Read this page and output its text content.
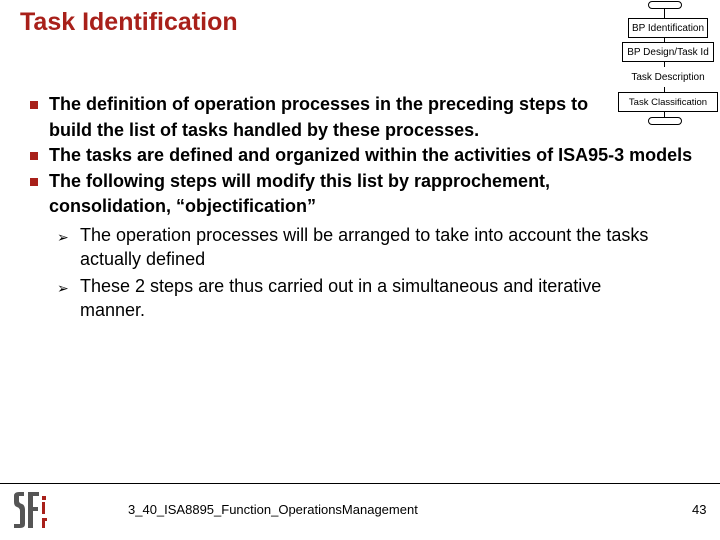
Task Identification	BP Identification
BP Design/Task Id
Task Description
Task Classification
The definition of operation processes in the preceding steps to build the list of tasks handled by these processes.
The tasks are defined and organized within the activities of ISA95-3 models
The following steps will modify this list by rapprochement, consolidation, “objectification”
➢ The operation processes will be arranged to take into account the tasks actually defined
➢ These 2 steps are thus carried out in a simultaneous and iterative manner.
3_40_ISA8895_Function_OperationsManagement	43
